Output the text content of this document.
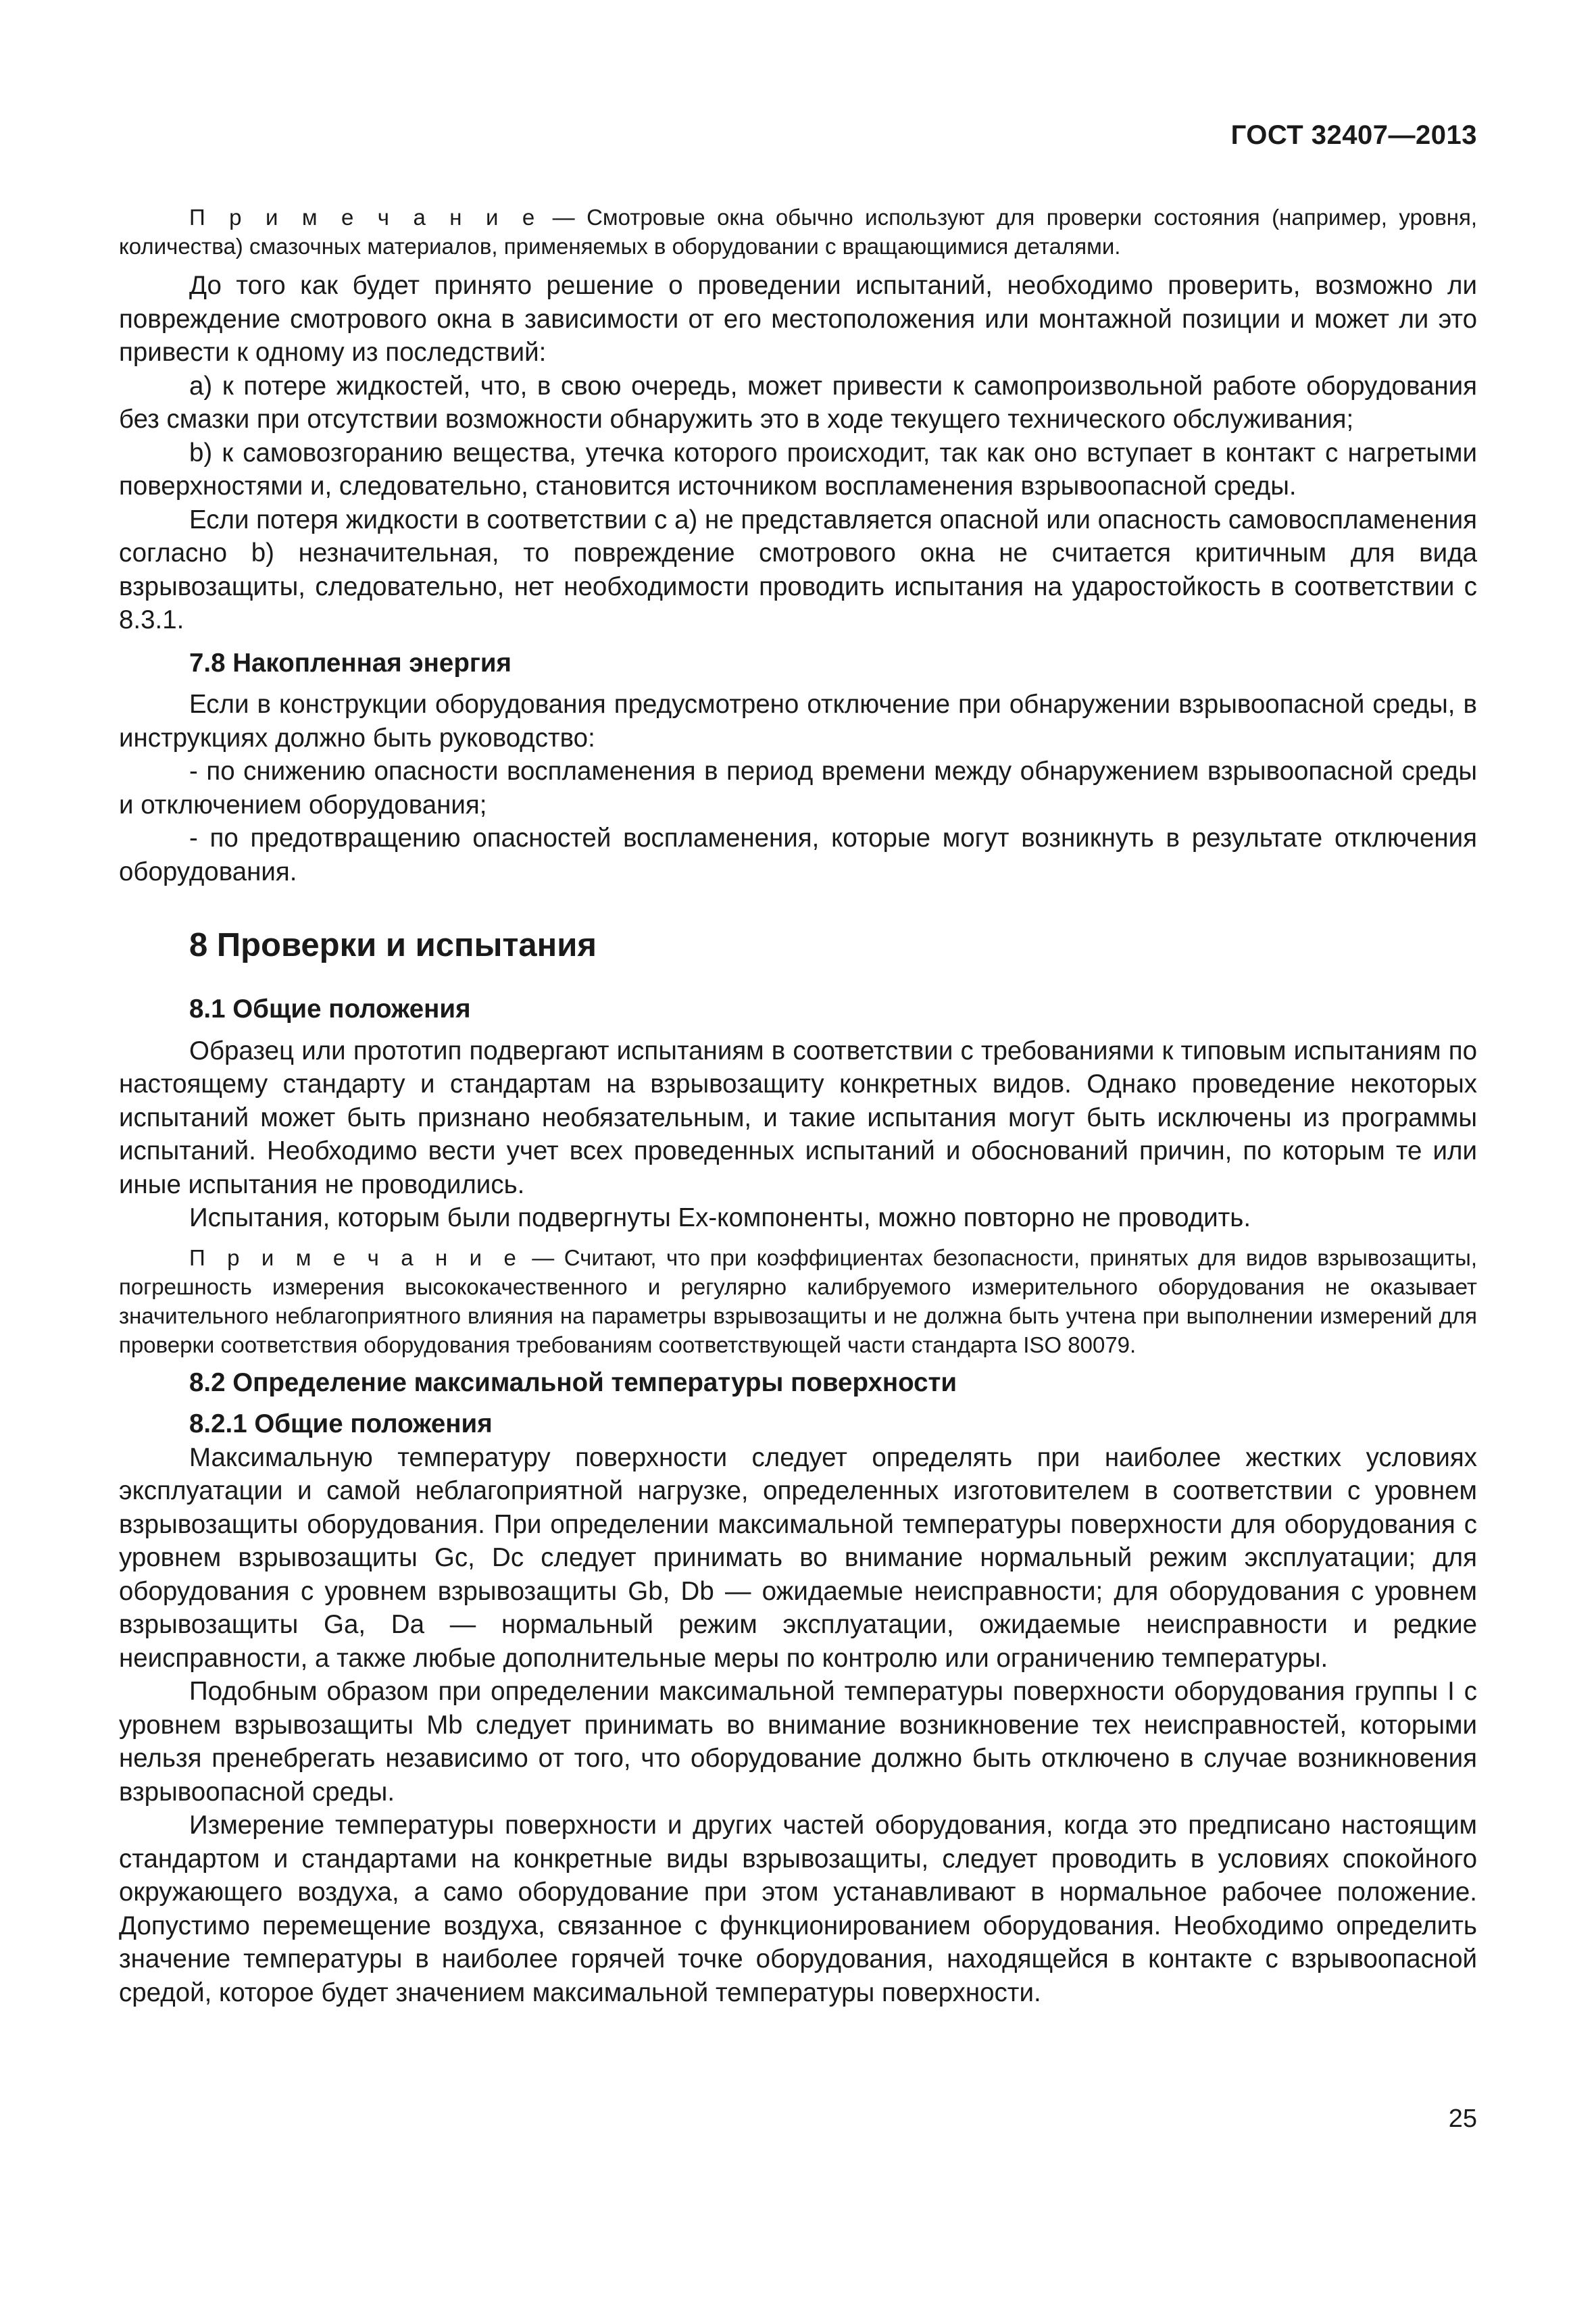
ГОСТ 32407—2013

П р и м е ч а н и е — Смотровые окна обычно используют для проверки состояния (например, уровня, количества) смазочных материалов, применяемых в оборудовании с вращающимися деталями.

До того как будет принято решение о проведении испытаний, необходимо проверить, возможно ли повреждение смотрового окна в зависимости от его местоположения или монтажной позиции и может ли это привести к одному из последствий:

a) к потере жидкостей, что, в свою очередь, может привести к самопроизвольной работе оборудования без смазки при отсутствии возможности обнаружить это в ходе текущего технического обслуживания;

b) к самовозгоранию вещества, утечка которого происходит, так как оно вступает в контакт с нагретыми поверхностями и, следовательно, становится источником воспламенения взрывоопасной среды.

Если потеря жидкости в соответствии с а) не представляется опасной или опасность самовоспламенения согласно b) незначительная, то повреждение смотрового окна не считается критичным для вида взрывозащиты, следовательно, нет необходимости проводить испытания на ударостойкость в соответствии с 8.3.1.

7.8 Накопленная энергия

Если в конструкции оборудования предусмотрено отключение при обнаружении взрывоопасной среды, в инструкциях должно быть руководство:

- по снижению опасности воспламенения в период времени между обнаружением взрывоопасной среды и отключением оборудования;

- по предотвращению опасностей воспламенения, которые могут возникнуть в результате отключения оборудования.

8 Проверки и испытания

8.1 Общие положения

Образец или прототип подвергают испытаниям в соответствии с требованиями к типовым испытаниям по настоящему стандарту и стандартам на взрывозащиту конкретных видов. Однако проведение некоторых испытаний может быть признано необязательным, и такие испытания могут быть исключены из программы испытаний. Необходимо вести учет всех проведенных испытаний и обоснований причин, по которым те или иные испытания не проводились.

Испытания, которым были подвергнуты Ex-компоненты, можно повторно не проводить.

П р и м е ч а н и е — Считают, что при коэффициентах безопасности, принятых для видов взрывозащиты, погрешность измерения высококачественного и регулярно калибруемого измерительного оборудования не оказывает значительного неблагоприятного влияния на параметры взрывозащиты и не должна быть учтена при выполнении измерений для проверки соответствия оборудования требованиям соответствующей части стандарта ISO 80079.

8.2 Определение максимальной температуры поверхности

8.2.1 Общие положения

Максимальную температуру поверхности следует определять при наиболее жестких условиях эксплуатации и самой неблагоприятной нагрузке, определенных изготовителем в соответствии с уровнем взрывозащиты оборудования. При определении максимальной температуры поверхности для оборудования с уровнем взрывозащиты Gc, Dc следует принимать во внимание нормальный режим эксплуатации; для оборудования с уровнем взрывозащиты Gb, Db — ожидаемые неисправности; для оборудования с уровнем взрывозащиты Ga, Da — нормальный режим эксплуатации, ожидаемые неисправности и редкие неисправности, а также любые дополнительные меры по контролю или ограничению температуры.

Подобным образом при определении максимальной температуры поверхности оборудования группы I с уровнем взрывозащиты Mb следует принимать во внимание возникновение тех неисправностей, которыми нельзя пренебрегать независимо от того, что оборудование должно быть отключено в случае возникновения взрывоопасной среды.

Измерение температуры поверхности и других частей оборудования, когда это предписано настоящим стандартом и стандартами на конкретные виды взрывозащиты, следует проводить в условиях спокойного окружающего воздуха, а само оборудование при этом устанавливают в нормальное рабочее положение. Допустимо перемещение воздуха, связанное с функционированием оборудования. Необходимо определить значение температуры в наиболее горячей точке оборудования, находящейся в контакте с взрывоопасной средой, которое будет значением максимальной температуры поверхности.

25
